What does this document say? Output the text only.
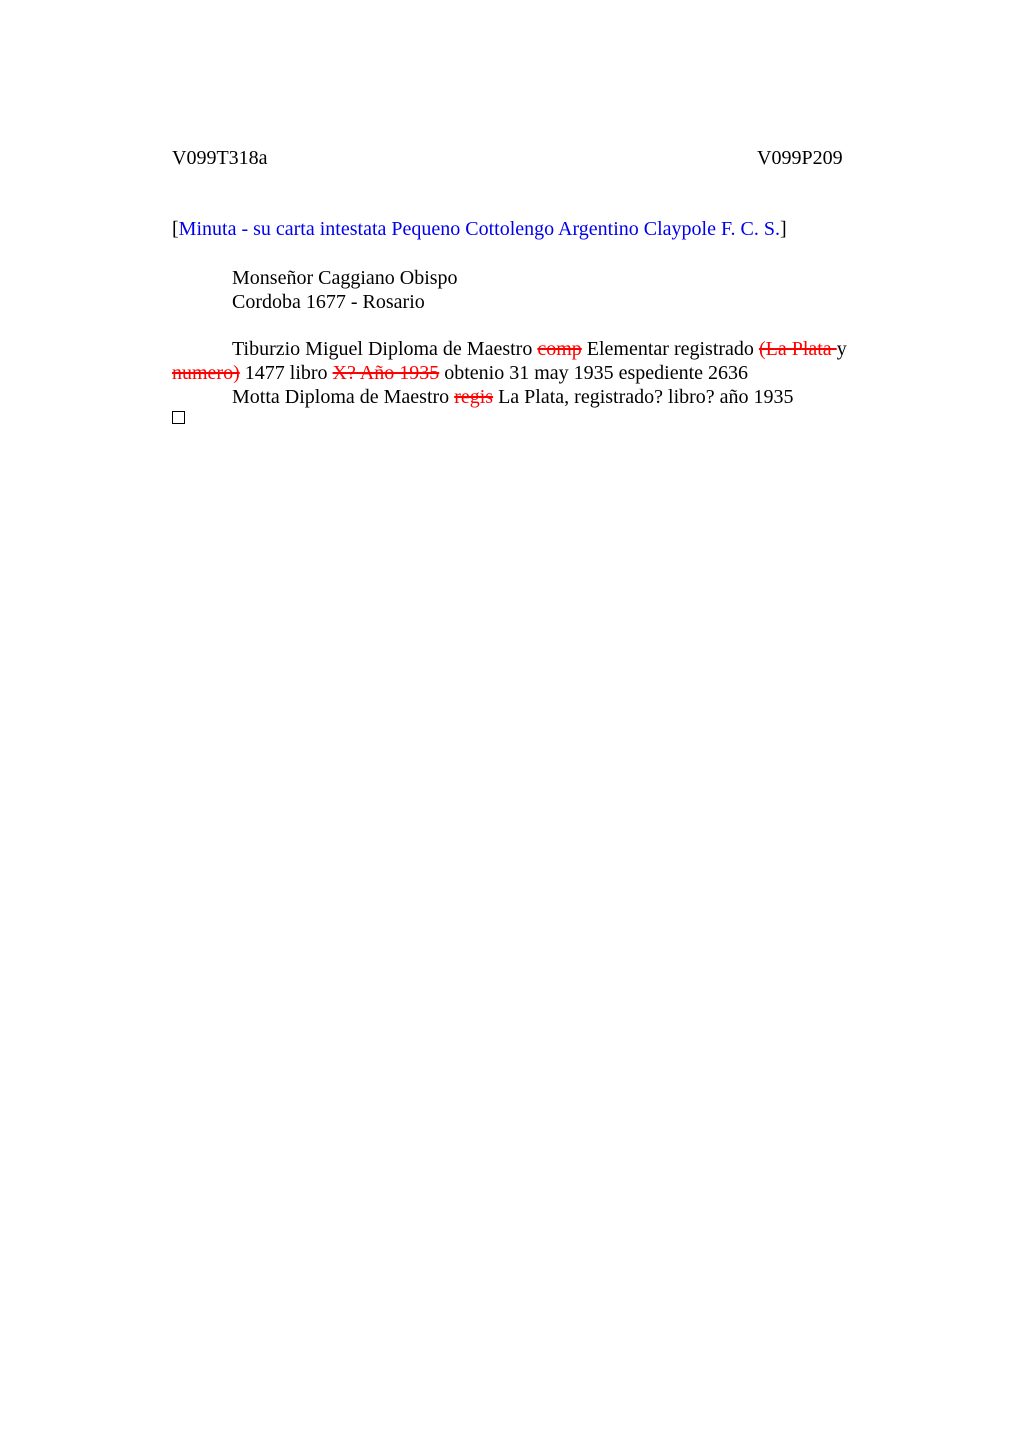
V099T318a	V099P209
[Minuta - su carta intestata Pequeno Cottolengo Argentino Claypole F. C. S.]
Monseñor Caggiano Obispo
Cordoba 1677 - Rosario
Tiburzio Miguel Diploma de Maestro comp Elementar registrado (La Plata y
numero) 1477 libro X? Año 1935 obtenio 31 may 1935 espediente 2636
Motta Diploma de Maestro regis La Plata, registrado? libro? año 1935
